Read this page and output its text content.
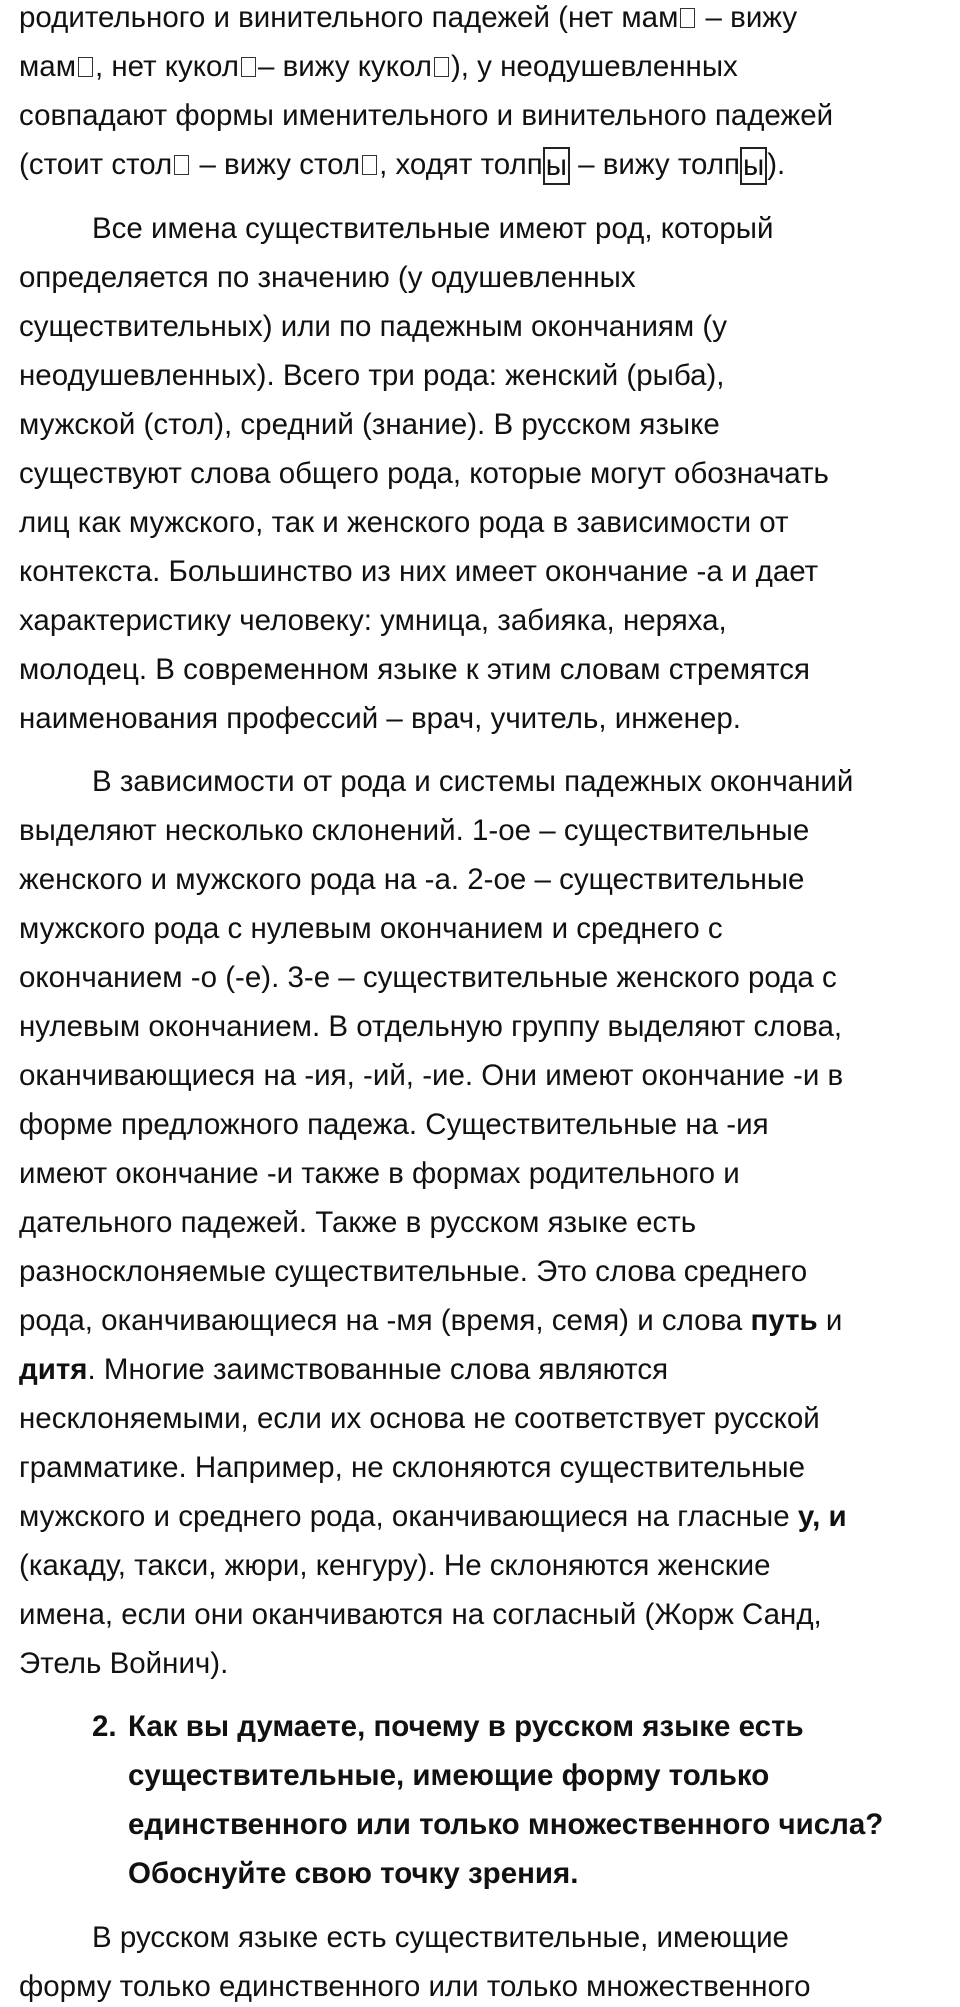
родительного и винительного падежей (нет мам – вижу
мам , нет кукол – вижу кукол ), у неодушевленных
совпадают формы именительного и винительного падежей
(стоит стол – вижу стол , ходят толп ы – вижу толп ы ).
Все имена существительные имеют род, который
определяется по значению (у одушевленных
существительных) или по падежным окончаниям (у
неодушевленных). Всего три рода: женский (рыба),
мужской (стол), средний (знание). В русском языке
существуют слова общего рода, которые могут обозначать
лиц как мужского, так и женского рода в зависимости от
контекста. Большинство из них имеет окончание -а и дает
характеристику человеку: умница, забияка, неряха,
молодец. В современном языке к этим словам стремятся
наименования профессий – врач, учитель, инженер.
В зависимости от рода и системы падежных окончаний
выделяют несколько склонений. 1-ое – существительные
женского и мужского рода на -а. 2-ое – существительные
мужского рода с нулевым окончанием и среднего с
окончанием -о (-е). 3-е – существительные женского рода с
нулевым окончанием. В отдельную группу выделяют слова,
оканчивающиеся на -ия, -ий, -ие. Они имеют окончание -и в
форме предложного падежа. Существительные на -ия
имеют окончание -и также в формах родительного и
дательного падежей. Также в русском языке есть
разносклоняемые существительные. Это слова среднего
рода, оканчивающиеся на -мя (время, семя) и слова путь и
дитя. Многие заимствованные слова являются
несклоняемыми, если их основа не соответствует русской
грамматике. Например, не склоняются существительные
мужского и среднего рода, оканчивающиеся на гласные у, и
(какаду, такси, жюри, кенгуру). Не склоняются женские
имена, если они оканчиваются на согласный (Жорж Санд,
Этель Войнич).
2. Как вы думаете, почему в русском языке есть
существительные, имеющие форму только
единственного или только множественного числа?
Обоснуйте свою точку зрения.
В русском языке есть существительные, имеющие
форму только единственного или только множественного
